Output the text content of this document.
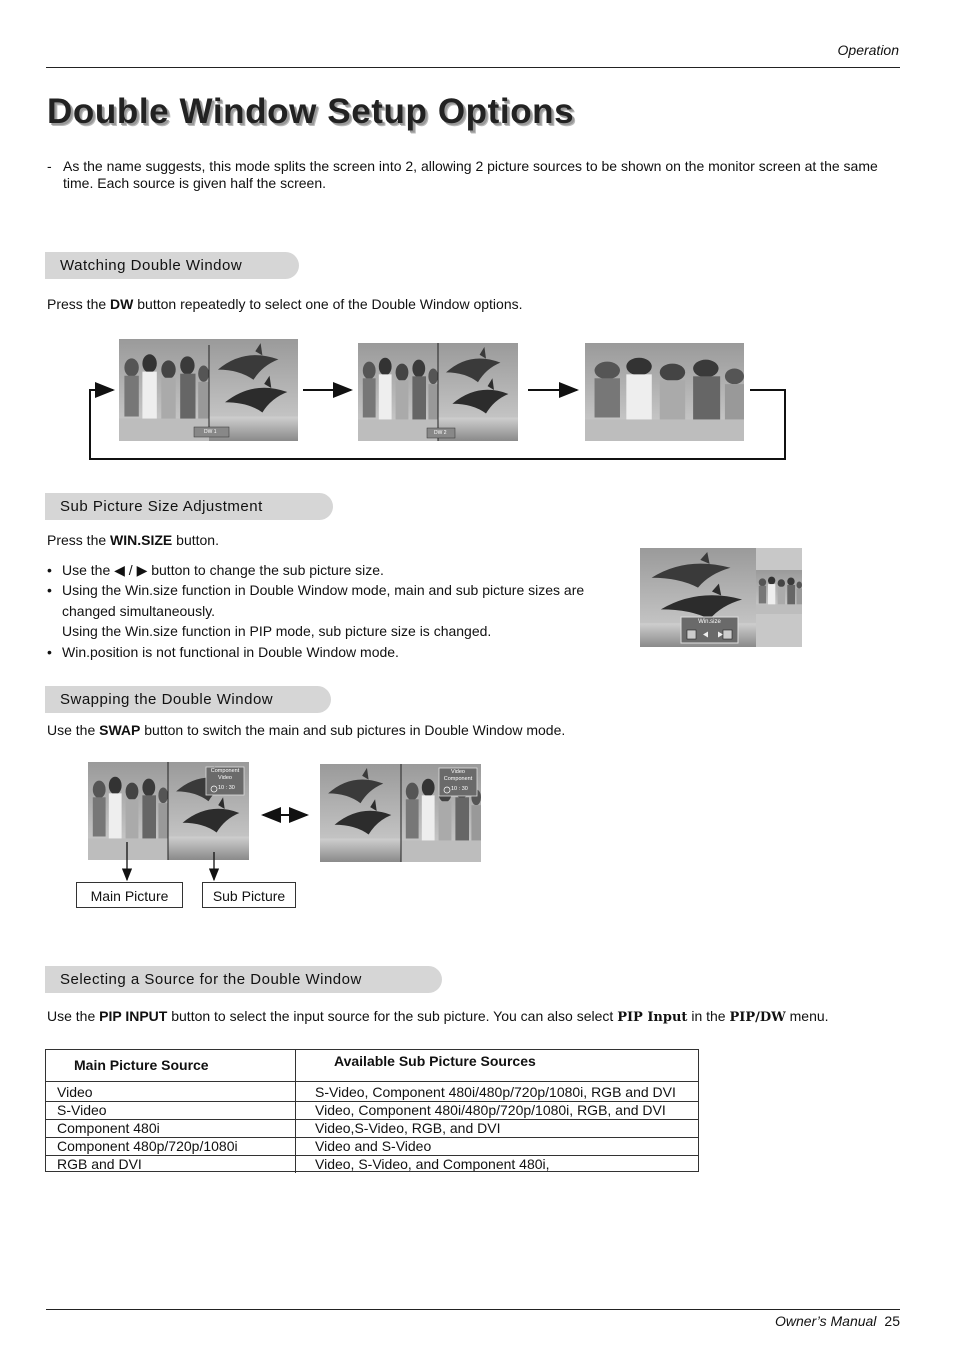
Operation
Double Window Setup Options
- As the name suggests, this mode splits the screen into 2, allowing 2 picture sources to be shown on the monitor screen at the same time. Each source is given half the screen.
Watching Double Window
Press the DW button repeatedly to select one of the Double Window options.
DW 1	DW 2
Sub Picture Size Adjustment
Press the WIN.SIZE button.
• Use the ◀ / ▶ button to change the sub picture size.
• Using the Win.size function in Double Window mode, main and sub picture sizes are changed simultaneously.
Using the Win.size function in PIP mode, sub picture size is changed.
• Win.position is not functional in Double Window mode.
Win.size
Swapping the Double Window
Use the SWAP button to switch the main and sub pictures in Double Window mode.
Component
Video
10 : 30
Video
Component
10 : 30
Main Picture	Sub Picture
Selecting a Source for the Double Window
Use the PIP INPUT button to select the input source for the sub picture. You can also select PIP Input in the PIP/DW menu.
Main Picture Source	Available Sub Picture Sources
Video	S-Video, Component 480i/480p/720p/1080i, RGB and DVI
S-Video	Video, Component 480i/480p/720p/1080i, RGB, and DVI
Component 480i	Video,S-Video, RGB, and DVI
Component 480p/720p/1080i	Video and S-Video
RGB and DVI	Video, S-Video, and Component 480i,
Owner’s Manual 25
